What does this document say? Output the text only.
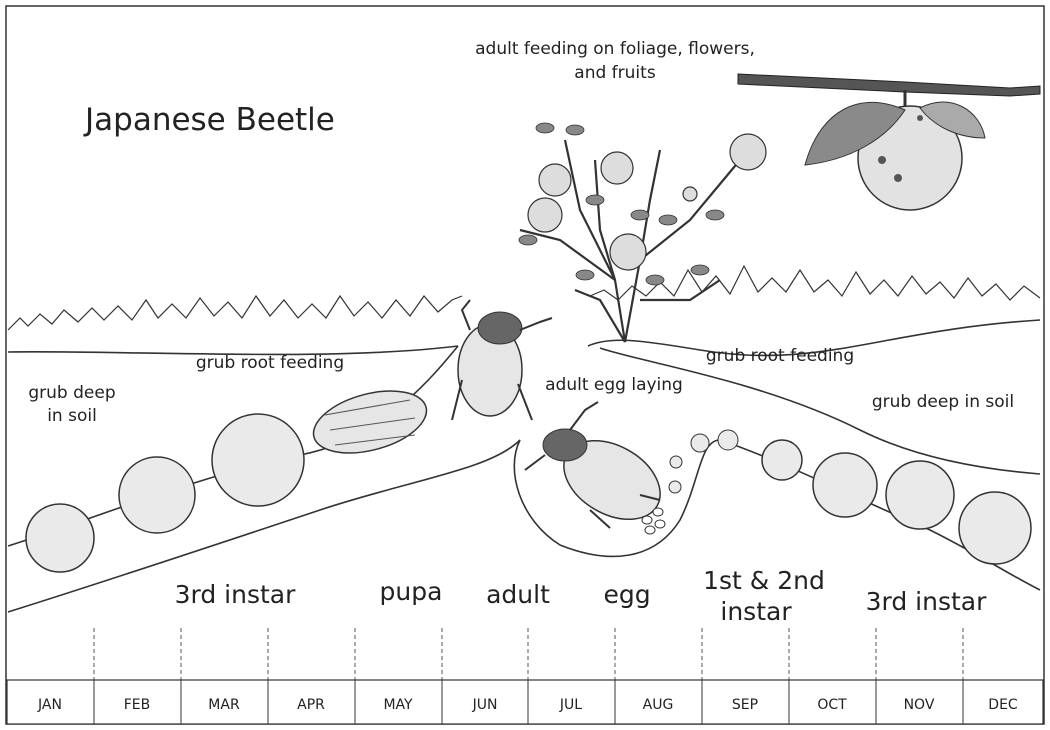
Japanese Beetle
adult feeding on foliage, flowers,
and fruits
grub root feeding
grub deep
in soil
adult egg laying
grub root feeding
grub deep in soil
3rd instar	pupa adult egg 1st & 2nd
instar	3rd instar
JAN	FEB	MAR	APR	MAY	JUN	JUL	AUG	SEP	OCT	NOV	DEC
